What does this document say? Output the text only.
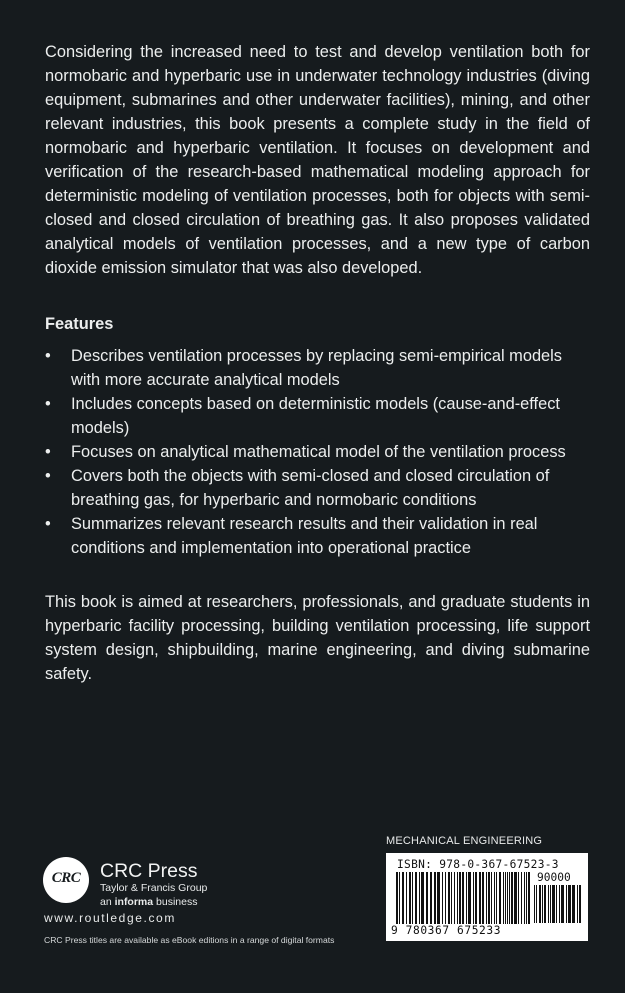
Considering the increased need to test and develop ventilation both for normobaric and hyperbaric use in underwater technology industries (diving equipment, submarines and other underwater facilities), mining, and other relevant industries, this book presents a complete study in the field of normobaric and hyperbaric ventilation. It focuses on development and verification of the research-based mathematical modeling approach for deterministic modeling of ventilation processes, both for objects with semi-closed and closed circulation of breathing gas. It also proposes validated analytical models of ventilation processes, and a new type of carbon dioxide emission simulator that was also developed.

Features
• Describes ventilation processes by replacing semi-empirical models with more accurate analytical models
• Includes concepts based on deterministic models (cause-and-effect models)
• Focuses on analytical mathematical model of the ventilation process
• Covers both the objects with semi-closed and closed circulation of breathing gas, for hyperbaric and normobaric conditions
• Summarizes relevant research results and their validation in real conditions and implementation into operational practice

This book is aimed at researchers, professionals, and graduate students in hyperbaric facility processing, building ventilation processing, life support system design, shipbuilding, marine engineering, and diving submarine safety.

MECHANICAL ENGINEERING
ISBN: 978-0-367-67523-3
90000
9 780367 675233
CRC	CRC Press
Taylor & Francis Group
an informa business
www.routledge.com
CRC Press titles are available as eBook editions in a range of digital formats
